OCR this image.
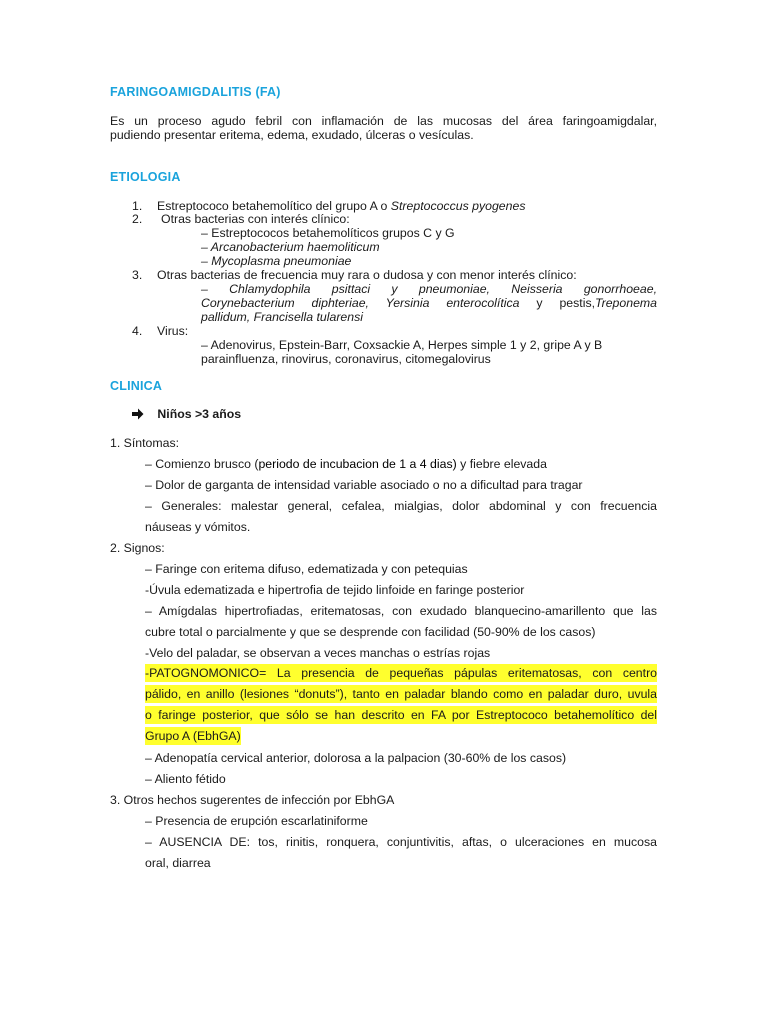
FARINGOAMIGDALITIS (FA)
Es un proceso agudo febril con inflamación de las mucosas del área faringoamigdalar,
pudiendo presentar eritema, edema, exudado, úlceras o vesículas.
ETIOLOGIA
1. Estreptococo betahemolítico del grupo A o Streptococcus pyogenes
2. Otras bacterias con interés clínico:
– Estreptococos betahemolíticos grupos C y G
– Arcanobacterium haemoliticum
– Mycoplasma pneumoniae
3. Otras bacterias de frecuencia muy rara o dudosa y con menor interés clínico:
– Chlamydophila psittaci y pneumoniae, Neisseria gonorrhoeae,
Corynebacterium diphteriae, Yersinia enterocolítica y pestis,Treponema
pallidum, Francisella tularensi
4. Virus:
– Adenovirus, Epstein-Barr, Coxsackie A, Herpes simple 1 y 2, gripe A y B
parainfluenza, rinovirus, coronavirus, citomegalovirus
CLINICA
Niños >3 años
1. Síntomas:
– Comienzo brusco (periodo de incubacion de 1 a 4 dias) y fiebre elevada
– Dolor de garganta de intensidad variable asociado o no a dificultad para tragar
– Generales: malestar general, cefalea, mialgias, dolor abdominal y con frecuencia
náuseas y vómitos.
2. Signos:
– Faringe con eritema difuso, edematizada y con petequias
-Úvula edematizada e hipertrofia de tejido linfoide en faringe posterior
– Amígdalas hipertrofiadas, eritematosas, con exudado blanquecino-amarillento que las
cubre total o parcialmente y que se desprende con facilidad (50-90% de los casos)
-Velo del paladar, se observan a veces manchas o estrías rojas
-PATOGNOMONICO= La presencia de pequeñas pápulas eritematosas, con centro
pálido, en anillo (lesiones “donuts”), tanto en paladar blando como en paladar duro, uvula
o faringe posterior, que sólo se han descrito en FA por Estreptococo betahemolítico del
Grupo A (EbhGA)
– Adenopatía cervical anterior, dolorosa a la palpacion (30-60% de los casos)
– Aliento fétido
3. Otros hechos sugerentes de infección por EbhGA
– Presencia de erupción escarlatiniforme
– AUSENCIA DE: tos, rinitis, ronquera, conjuntivitis, aftas, o ulceraciones en mucosa
oral, diarrea
